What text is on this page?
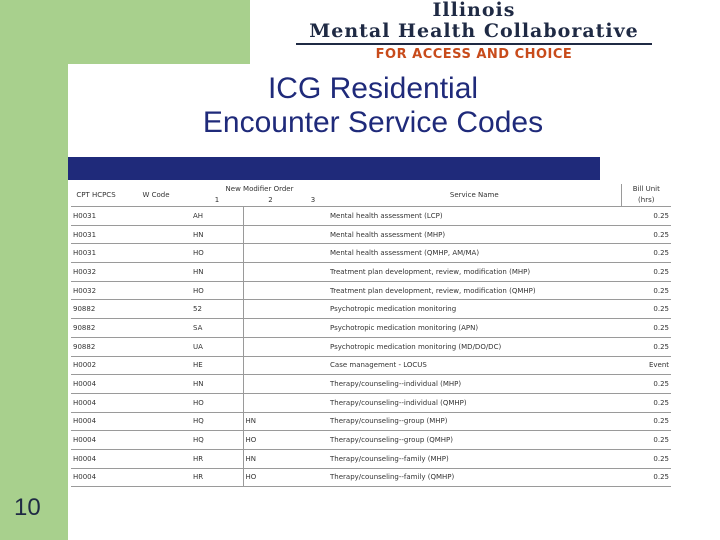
Illinois
Mental Health Collaborative
FOR ACCESS AND CHOICE
ICG Residential
Encounter Service Codes
CPT HCPCS	W Code	New Modifier Order			Service Name	Bill Unit (hrs)
		1	2	3		
H0031		AH			Mental health assessment (LCP)	0.25
H0031		HN			Mental health assessment (MHP)	0.25
H0031		HO			Mental health assessment (QMHP, AM/MA)	0.25
H0032		HN			Treatment plan development, review, modification (MHP)	0.25
H0032		HO			Treatment plan development, review, modification (QMHP)	0.25
90882		52			Psychotropic medication monitoring	0.25
90882		SA			Psychotropic medication monitoring (APN)	0.25
90882		UA			Psychotropic medication monitoring (MD/DO/DC)	0.25
H0002		HE			Case management - LOCUS	Event
H0004		HN			Therapy/counseling--individual (MHP)	0.25
H0004		HO			Therapy/counseling--individual (QMHP)	0.25
H0004		HQ	HN		Therapy/counseling--group (MHP)	0.25
H0004		HQ	HO		Therapy/counseling--group (QMHP)	0.25
H0004		HR	HN		Therapy/counseling--family (MHP)	0.25
H0004		HR	HO		Therapy/counseling--family (QMHP)	0.25
10
